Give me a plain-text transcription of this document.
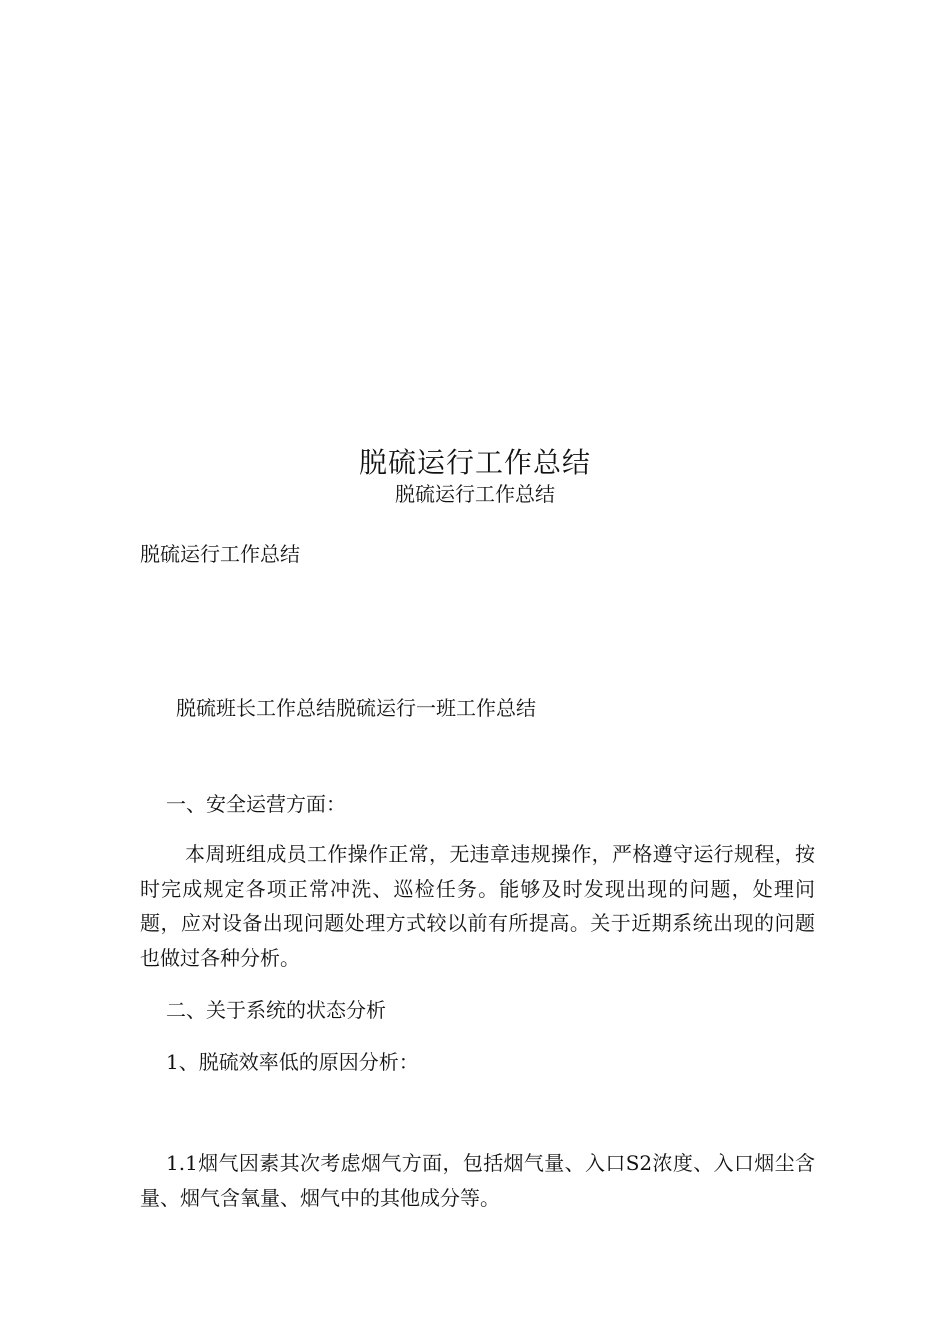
脱硫运行工作总结
脱硫运行工作总结
脱硫运行工作总结
脱硫班长工作总结脱硫运行一班工作总结
一、安全运营方面：
本周班组成员工作操作正常，无违章违规操作，严格遵守运行规程，按时完成规定各项正常冲洗、巡检任务。能够及时发现出现的问题，处理问题，应对设备出现问题处理方式较以前有所提高。关于近期系统出现的问题也做过各种分析。
二、关于系统的状态分析
1、脱硫效率低的原因分析：
1.1烟气因素其次考虑烟气方面，包括烟气量、入口S2浓度、入口烟尘含量、烟气含氧量、烟气中的其他成分等。
